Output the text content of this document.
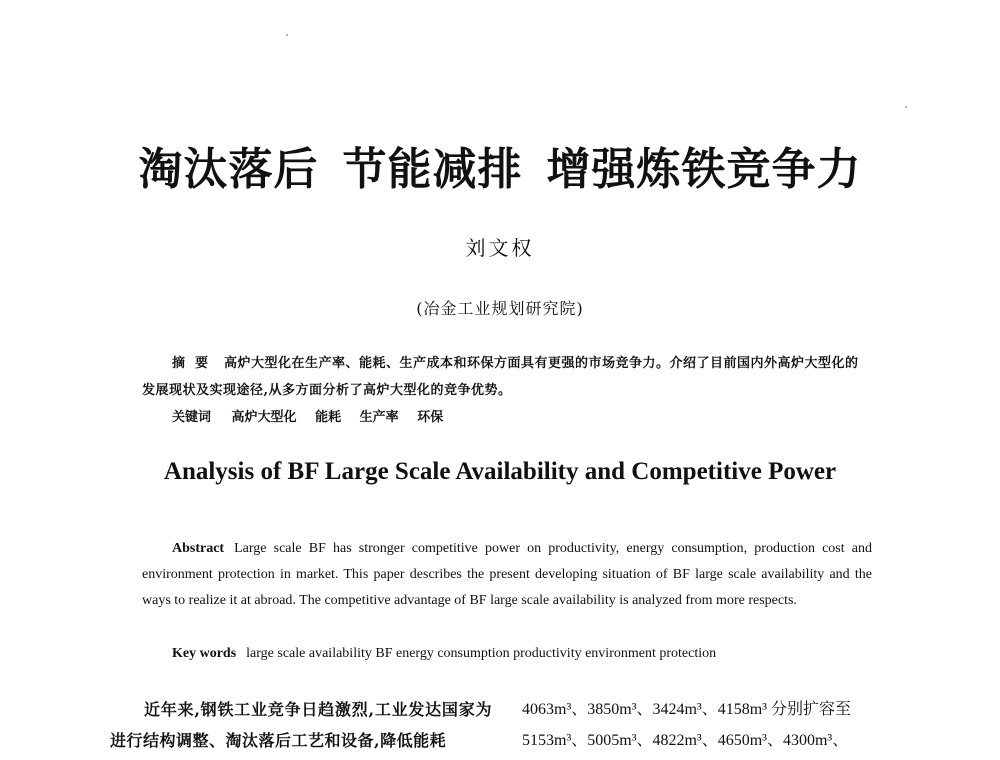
淘汰落后 节能减排 增强炼铁竞争力
刘文权
(冶金工业规划研究院)
摘要 高炉大型化在生产率、能耗、生产成本和环保方面具有更强的市场竞争力。介绍了目前国内外高炉大型化的发展现状及实现途径,从多方面分析了高炉大型化的竞争优势。
关键词 高炉大型化 能耗 生产率 环保
Analysis of BF Large Scale Availability and Competitive Power
Abstract Large scale BF has stronger competitive power on productivity, energy consumption, production cost and environment protection in market. This paper describes the present developing situation of BF large scale availability and the ways to realize it at abroad. The competitive advantage of BF large scale availability is analyzed from more respects.
Key words large scale availability BF energy consumption productivity environment protection
近年来,钢铁工业竞争日趋激烈,工业发达国家为进行结构调整、淘汰落后工艺和设备,降低能耗
4063m³、3850m³、3424m³、4158m³ 分别扩容至
5153m³、5005m³、4822m³、4650m³、4300m³、
